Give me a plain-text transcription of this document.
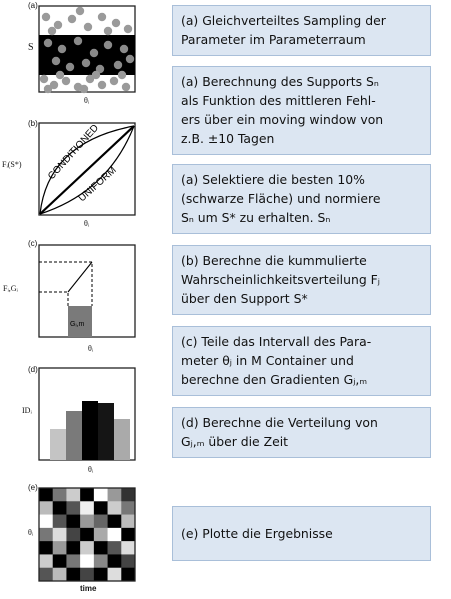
(a)
S
θᵢ
(b)
Fᵢ(S*) CONDITIONED
UNIFORM
θᵢ
(c)
Fᵢ,Gᵢ
Gᵢ,m
θᵢ
(d)
IDᵢ
θᵢ
(e)
θᵢ
time
(a) Gleichverteiltes Sampling der
Parameter im Parameterraum
(a) Berechnung des Supports Sₙ
als Funktion des mittleren Fehl-
ers über ein moving window von
z.B. ±10 Tagen
(a) Selektiere die besten 10%
(schwarze Fläche) und normiere
Sₙ um S* zu erhalten. Sₙ
(b) Berechne die kummulierte
Wahrscheinlichkeitsverteilung Fⱼ
über den Support S*
(c) Teile das Intervall des Para-
meter θⱼ in M Container und
berechne den Gradienten Gⱼ,ₘ
(d) Berechne die Verteilung von
Gⱼ,ₘ über die Zeit
(e) Plotte die Ergebnisse
